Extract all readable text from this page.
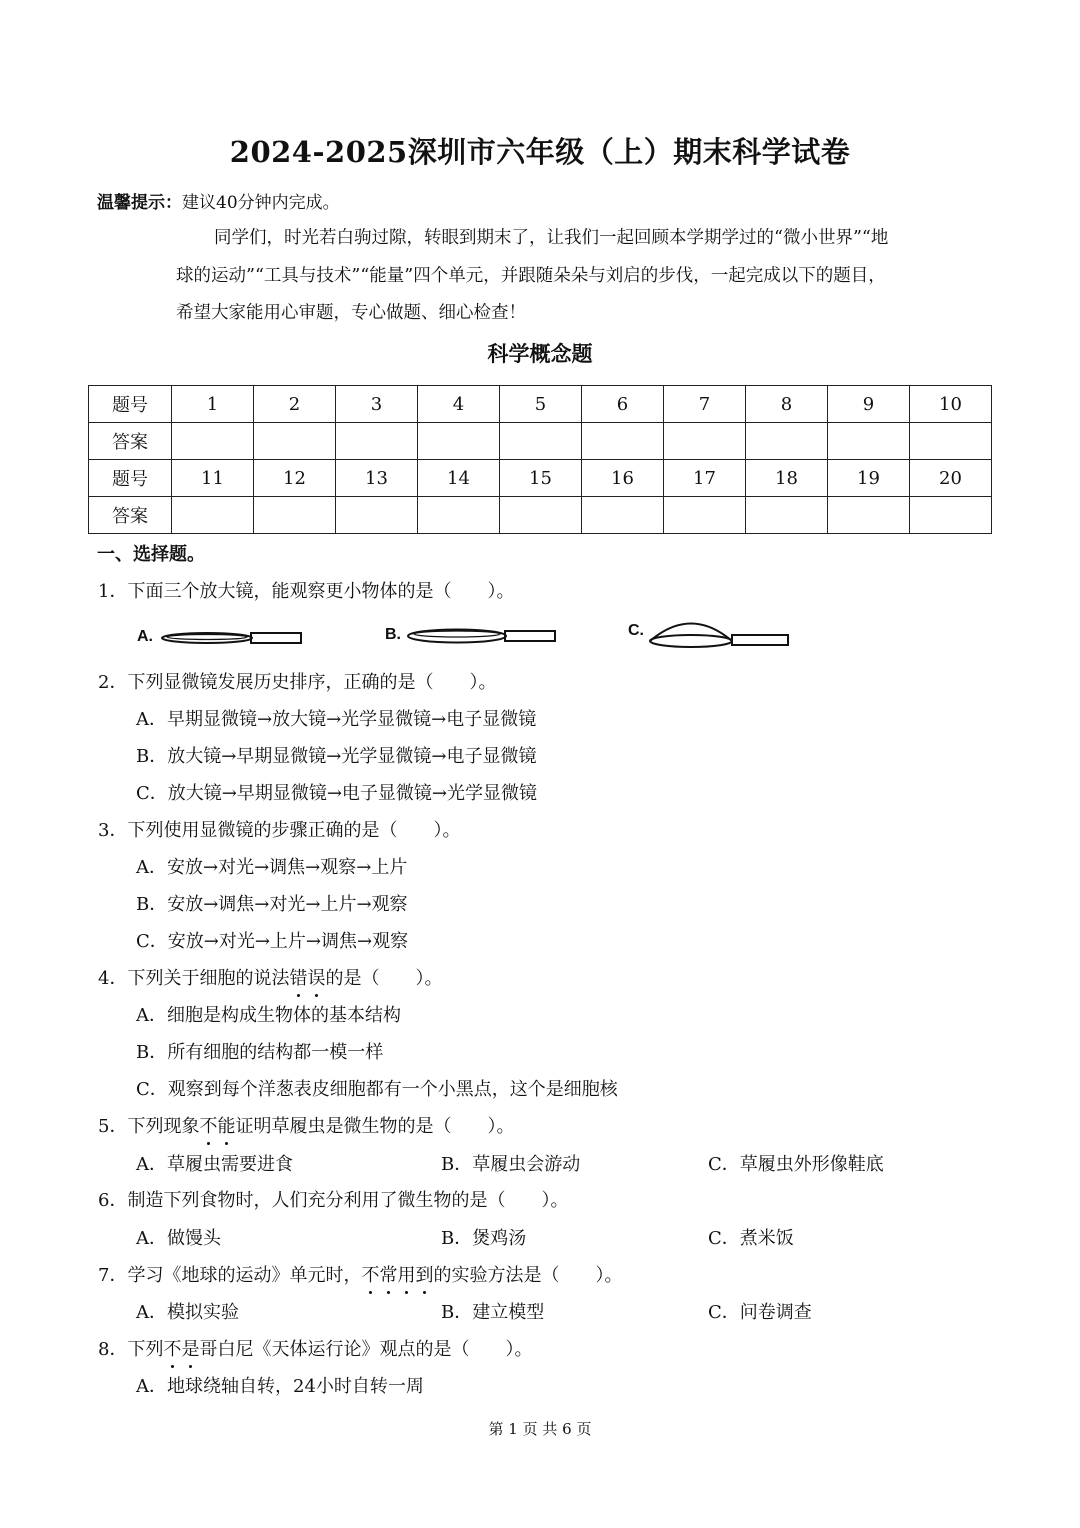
2024-2025深圳市六年级（上）期末科学试卷
温馨提示：建议40分钟内完成。
同学们，时光若白驹过隙，转眼到期末了，让我们一起回顾本学期学过的“微小世界”“地
球的运动”“工具与技术”“能量”四个单元，并跟随朵朵与刘启的步伐，一起完成以下的题目，
希望大家能用心审题，专心做题、细心检查！
科学概念题
题号	1	2	3	4	5	6	7	8	9	10
答案										
题号	11	12	13	14	15	16	17	18	19	20
答案										
一、选择题。
1．下面三个放大镜，能观察更小物体的是（　　）。
A.	B.	C.
2．下列显微镜发展历史排序，正确的是（　　）。
A．早期显微镜→放大镜→光学显微镜→电子显微镜
B．放大镜→早期显微镜→光学显微镜→电子显微镜
C．放大镜→早期显微镜→电子显微镜→光学显微镜
3．下列使用显微镜的步骤正确的是（　　）。
A．安放→对光→调焦→观察→上片
B．安放→调焦→对光→上片→观察
C．安放→对光→上片→调焦→观察
4．下列关于细胞的说法错误的是（　　）。
A．细胞是构成生物体的基本结构
B．所有细胞的结构都一模一样
C．观察到每个洋葱表皮细胞都有一个小黑点，这个是细胞核
5．下列现象不能证明草履虫是微生物的是（　　）。
A．草履虫需要进食	B．草履虫会游动	C．草履虫外形像鞋底
6．制造下列食物时，人们充分利用了微生物的是（　　）。
A．做馒头	B．煲鸡汤	C．煮米饭
7．学习《地球的运动》单元时，不常用到的实验方法是（　　）。
A．模拟实验	B．建立模型	C．问卷调查
8．下列不是哥白尼《天体运行论》观点的是（　　）。
A．地球绕轴自转，24小时自转一周
第 1 页 共 6 页
